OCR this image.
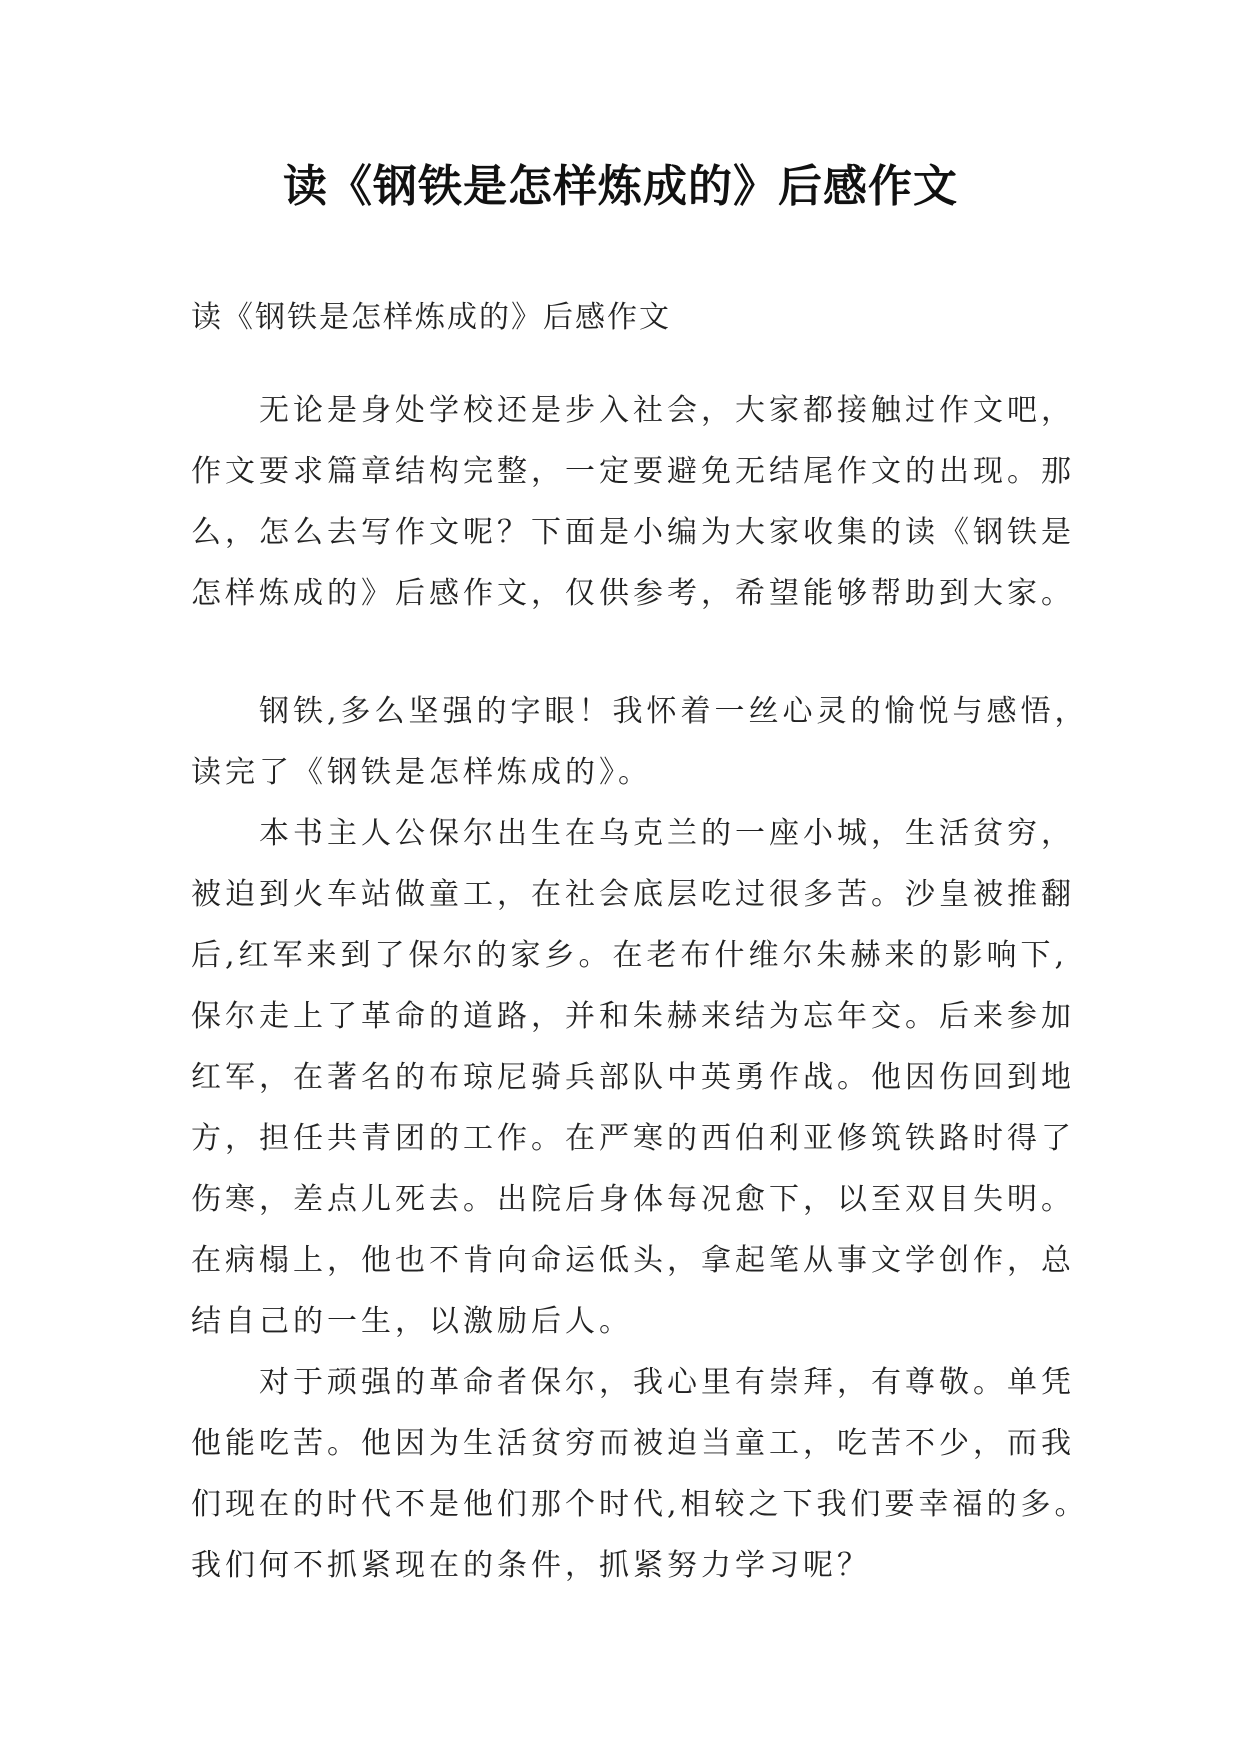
读《钢铁是怎样炼成的》后感作文
读《钢铁是怎样炼成的》后感作文

无论是身处学校还是步入社会，大家都接触过作文吧，
作文要求篇章结构完整，一定要避免无结尾作文的出现。那
么，怎么去写作文呢？下面是小编为大家收集的读《钢铁是
怎样炼成的》后感作文，仅供参考，希望能够帮助到大家。

钢铁,多么坚强的字眼！我怀着一丝心灵的愉悦与感悟，
读完了《钢铁是怎样炼成的》。

本书主人公保尔出生在乌克兰的一座小城，生活贫穷，
被迫到火车站做童工，在社会底层吃过很多苦。沙皇被推翻
后,红军来到了保尔的家乡。在老布什维尔朱赫来的影响下,
保尔走上了革命的道路，并和朱赫来结为忘年交。后来参加
红军，在著名的布琼尼骑兵部队中英勇作战。他因伤回到地
方，担任共青团的工作。在严寒的西伯利亚修筑铁路时得了
伤寒，差点儿死去。出院后身体每况愈下，以至双目失明。
在病榻上，他也不肯向命运低头，拿起笔从事文学创作，总
结自己的一生，以激励后人。

对于顽强的革命者保尔，我心里有崇拜，有尊敬。单凭
他能吃苦。他因为生活贫穷而被迫当童工，吃苦不少，而我
们现在的时代不是他们那个时代,相较之下我们要幸福的多。
我们何不抓紧现在的条件，抓紧努力学习呢？
